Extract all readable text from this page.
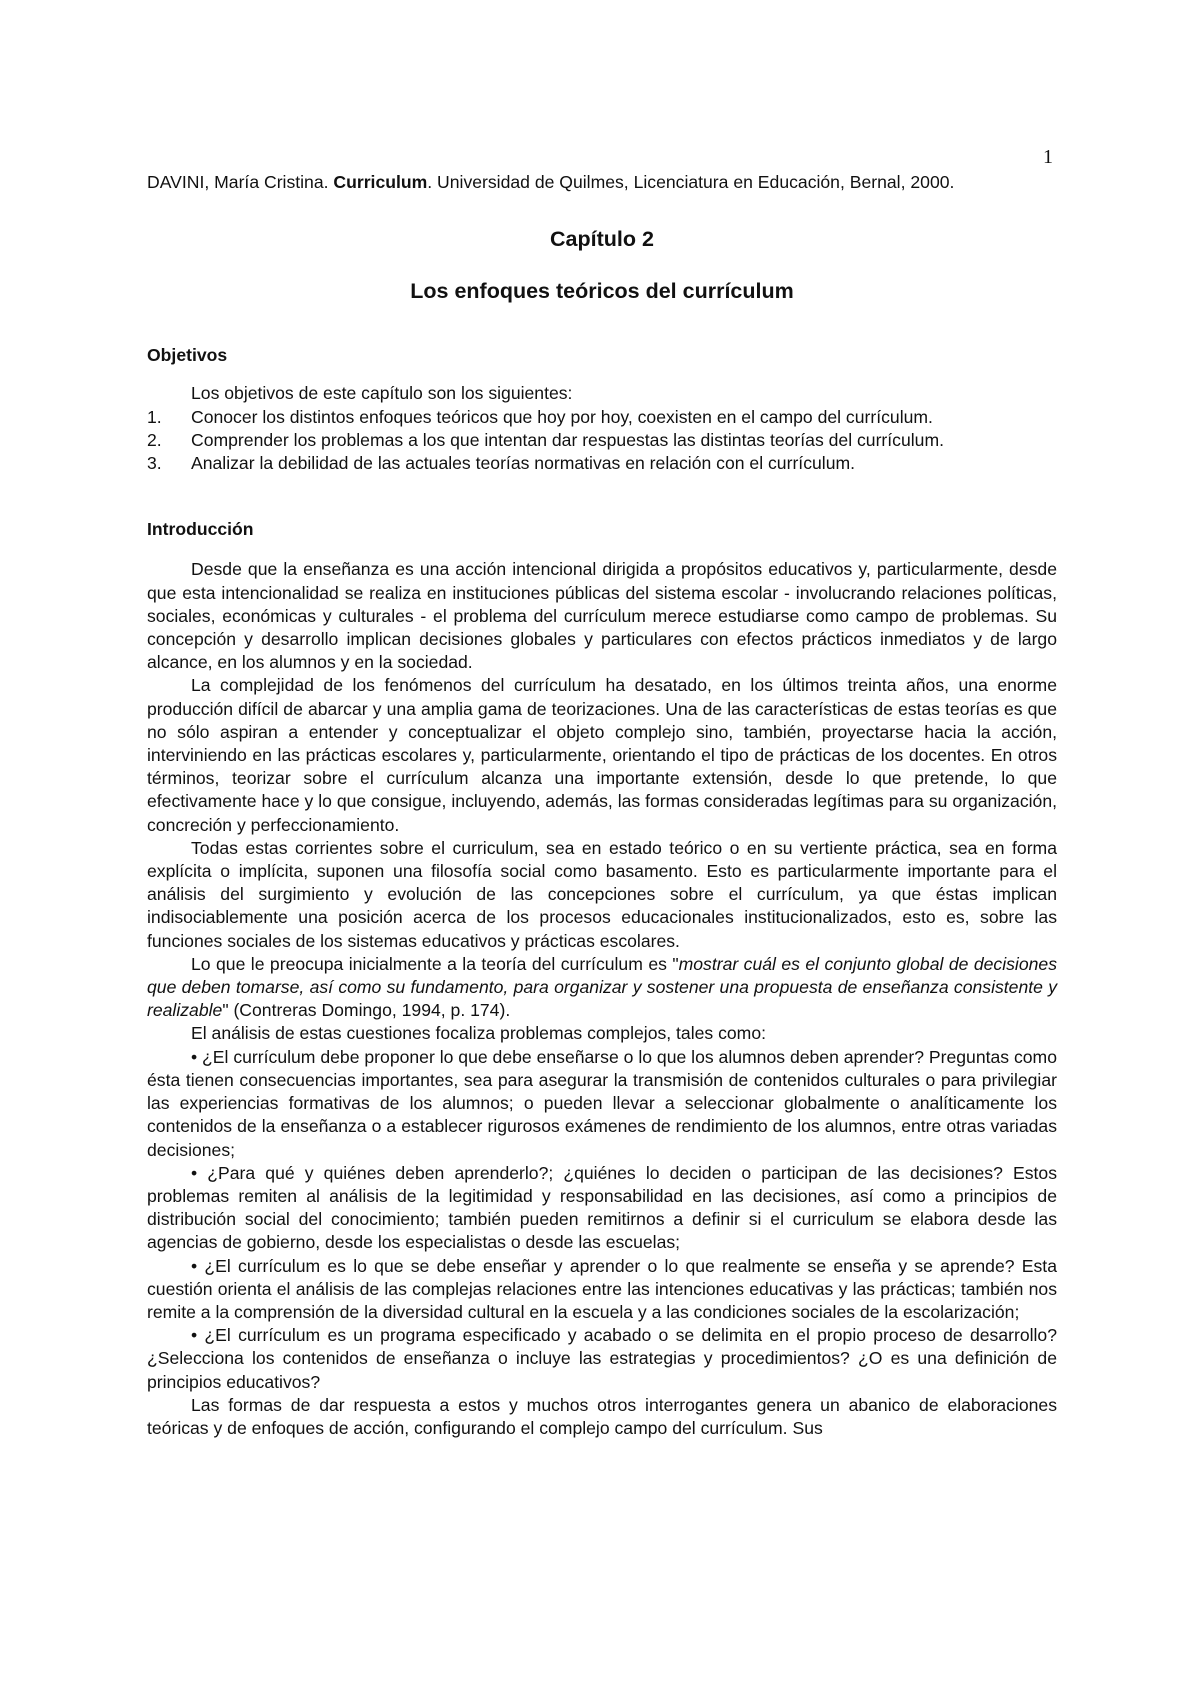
1

DAVINI, María Cristina. Curriculum. Universidad de Quilmes, Licenciatura en Educación, Bernal, 2000.

Capítulo 2
Los enfoques teóricos del currículum
Objetivos

Los objetivos de este capítulo son los siguientes:

1. Conocer los distintos enfoques teóricos que hoy por hoy, coexisten en el campo del currículum.
2. Comprender los problemas a los que intentan dar respuestas las distintas teorías del currículum.
3. Analizar la debilidad de las actuales teorías normativas en relación con el currículum.
Introducción

Desde que la enseñanza es una acción intencional dirigida a propósitos educativos y, particularmente, desde que esta intencionalidad se realiza en instituciones públicas del sistema escolar - involucrando relaciones políticas, sociales, económicas y culturales - el problema del currículum merece estudiarse como campo de problemas. Su concepción y desarrollo implican decisiones globales y particulares con efectos prácticos inmediatos y de largo alcance, en los alumnos y en la sociedad.

La complejidad de los fenómenos del currículum ha desatado, en los últimos treinta años, una enorme producción difícil de abarcar y una amplia gama de teorizaciones. Una de las características de estas teorías es que no sólo aspiran a entender y conceptualizar el objeto complejo sino, también, proyectarse hacia la acción, interviniendo en las prácticas escolares y, particularmente, orientando el tipo de prácticas de los docentes. En otros términos, teorizar sobre el currículum alcanza una importante extensión, desde lo que pretende, lo que efectivamente hace y lo que consigue, incluyendo, además, las formas consideradas legítimas para su organización, concreción y perfeccionamiento.

Todas estas corrientes sobre el curriculum, sea en estado teórico o en su vertiente práctica, sea en forma explícita o implícita, suponen una filosofía social como basamento. Esto es particularmente importante para el análisis del surgimiento y evolución de las concepciones sobre el currículum, ya que éstas implican indisociablemente una posición acerca de los procesos educacionales institucionalizados, esto es, sobre las funciones sociales de los sistemas educativos y prácticas escolares.

Lo que le preocupa inicialmente a la teoría del currículum es "mostrar cuál es el conjunto global de decisiones que deben tomarse, así como su fundamento, para organizar y sostener una propuesta de enseñanza consistente y realizable" (Contreras Domingo, 1994, p. 174).

El análisis de estas cuestiones focaliza problemas complejos, tales como:

• ¿El currículum debe proponer lo que debe enseñarse o lo que los alumnos deben aprender? Preguntas como ésta tienen consecuencias importantes, sea para asegurar la transmisión de contenidos culturales o para privilegiar las experiencias formativas de los alumnos; o pueden llevar a seleccionar globalmente o analíticamente los contenidos de la enseñanza o a establecer rigurosos exámenes de rendimiento de los alumnos, entre otras variadas decisiones;

• ¿Para qué y quiénes deben aprenderlo?; ¿quiénes lo deciden o participan de las decisiones? Estos problemas remiten al análisis de la legitimidad y responsabilidad en las decisiones, así como a principios de distribución social del conocimiento; también pueden remitirnos a definir si el curriculum se elabora desde las agencias de gobierno, desde los especialistas o desde las escuelas;

• ¿El currículum es lo que se debe enseñar y aprender o lo que realmente se enseña y se aprende? Esta cuestión orienta el análisis de las complejas relaciones entre las intenciones educativas y las prácticas; también nos remite a la comprensión de la diversidad cultural en la escuela y a las condiciones sociales de la escolarización;

• ¿El currículum es un programa especificado y acabado o se delimita en el propio proceso de desarrollo? ¿Selecciona los contenidos de enseñanza o incluye las estrategias y procedimientos? ¿O es una definición de principios educativos?

Las formas de dar respuesta a estos y muchos otros interrogantes genera un abanico de elaboraciones teóricas y de enfoques de acción, configurando el complejo campo del currículum. Sus
